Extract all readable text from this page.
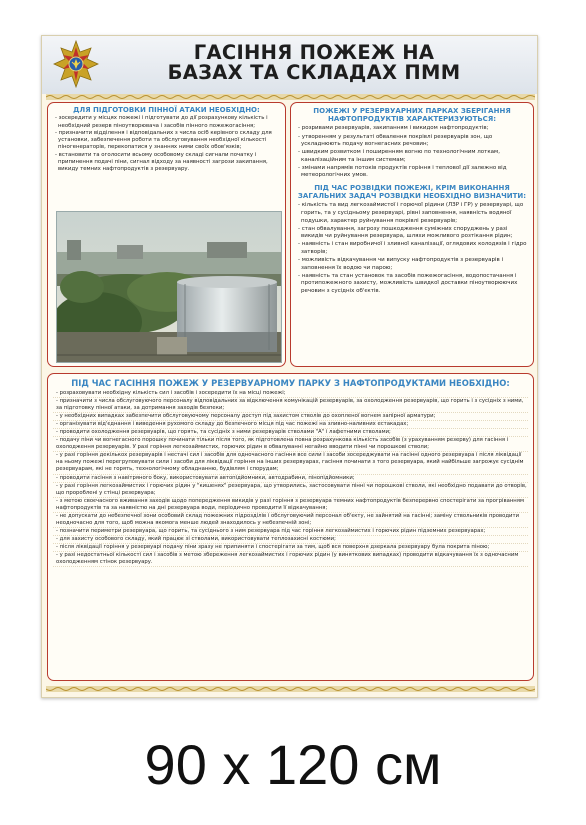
ГАСІННЯ ПОЖЕЖ НА
БАЗАХ ТА СКЛАДАХ ПММ
ДЛЯ ПІДГОТОВКИ ПІННОЇ АТАКИ НЕОБХІДНО:
- зосередити у місцях пожежі і підготувати до дії розрахункову кількість і необхідний резерв піноутворювача і засобів пінного пожежогасіння;
- призначити відділення і відповідальних з числа осіб керівного складу для установки, забезпечення роботи та обслуговування необхідної кількості піногенераторів, перекопатися у знаннях ними своїх обов'язків;
- встановити та оголосити всьому особовому складі сигнали початку і припинення подачі піни, сигнал відходу за наявності загрози закипання, викиду темних нафтопродуктів з резервуару.
ПОЖЕЖІ У РЕЗЕРВУАРНИХ ПАРКАХ ЗБЕРІГАННЯ НАФТОПРОДУКТІВ ХАРАКТЕРИЗУЮТЬСЯ:
- розривами резервуарів, закипанням і викидом нафтопродуктів;
- утворенням у результаті обвалення покрівлі резервуарів зон, що ускладнюють подачу вогнегасних речовин;
- швидким розвитком і поширенням вогню по технологічним лоткам, каналізаційним та іншим системам;
- змінами напрямів потоків продуктів горіння і теплової дії залежно від метеорологічних умов.
ПІД ЧАС РОЗВІДКИ ПОЖЕЖІ, КРІМ ВИКОНАННЯ ЗАГАЛЬНИХ ЗАДАЧ РОЗВІДКИ НЕОБХІДНО ВИЗНАЧИТИ:
- кількість та вид легкозаймистої і горючої рідини (ЛЗР і ГР) у резервуарі, що горить, та у сусідньому резервуарі, рівні заповнення, наявність водяної подушки, характер руйнування покрівлі резервуарів;
- стан обвалування, загрозу пошкодження суміжних споруджень у разі викидів чи руйнування резервуара, шляхи можливого розтікання рідин;
- наявність і стан виробничої і зливної каналізації, оглядових колодязів і гідро затворів;
- можливість відкачування чи випуску нафтопродуктів з резервуарів і заповнення їх водою чи парою;
- наявність та стан установок та засобів пожежогасіння, водопостачання і протипожежного захисту, можливість швидкої доставки піноутворюючих речовин з сусідніх об'єктів.
ПІД ЧАС ГАСІННЯ ПОЖЕЖ У РЕЗЕРВУАРНОМУ ПАРКУ З НАФТОПРОДУКТАМИ НЕОБХІДНО:
- розраховувати необхідну кількість сил і засобів і зосередити їх на місці пожежі;
- призначити з числа обслуговуючого персоналу відповідальних за відключення комунікацій резервуарів, за охолодження резервуарів, що горить і з сусідніх з ними, за підготовку пінної атаки, за дотримання заходів безпеки;
- у необхідних випадках забезпечити обслуговуючому персоналу доступ під захистом стволів до охопленої вогнем запірної арматури;
- організувати від'єднання і виведення рухомого складу до безпечного місця під час пожежі на зливно-наливних естакадах;
- проводити охолодження резервуарів, що горять, та сусідніх з ними резервуарів стволами "А" і лафетними стволами;
- подачу піни чи вогнегасного порошку починати тільки після того, як підготовлена повна розрахункова кількість засобів (з урахуванням резерву) для гасіння і охолодження резервуарів. У разі горіння легкозаймистих, горючих рідин в обвалуванні негайно вводити пінні чи порошкові стволи;
- у разі горіння декількох резервуарів і нестачі сил і засобів для одночасного гасіння все сили і засоби зосереджувати на гасінні одного резервуара і після ліквідації на ньому пожежі перегруповувати сили і засоби для ліквідації горіння на інших резервуарах, гасіння починати з того резервуара, який найбільше загрожує сусіднім резервуарам, які не горять, технологічному обладнанню, будівлям і спорудам;
- проводити гасіння з навітряного боку, використовувати автопідйомники, автодрабини, пінопідйомники;
- у разі горіння легкозаймистих і горючих рідин у "кишенях" резервуара, що утворились, застосовувати пінні чи порошкові стволи, які необхідно подавати до отворів, що пророблені у стінці резервуара;
- з метою своєчасного вживання заходів щодо попередження викидів у разі горіння з резервуара темних нафтопродуктів безперервно спостерігати за прогріванням нафтопродуктів та за наявністю на дні резервуара води, періодично проводити її відкачування;
- не допускати до небезпечної зони особовий склад пожежних підрозділів і обслуговуючий персонал об'єкту, не зайнятий на гасінні; заміну ствольників проводити неодночасно для того, щоб можна якомога менше людей знаходилось у небезпечній зоні;
- позначити периметри резервуара, що горить, та сусіднього з ним резервуара під час горіння легкозаймистих і горючих рідин підземних резервуарах;
- для захисту особового складу, який працює зі стволами, використовувати теплозахисні костюми;
- після ліквідації горіння у резервуарі подачу піни зразу не припиняти і спостерігати за тим, щоб вся поверхня дзеркала резервуару була покрита піною;
- у разі недостатньої кількості сил і засобів з метою збереження легкозаймистих і горючих рідин (у виняткових випадках) проводити відкачування їх з одночасним охолодженням стінок резервуару.
90 х 120 см
